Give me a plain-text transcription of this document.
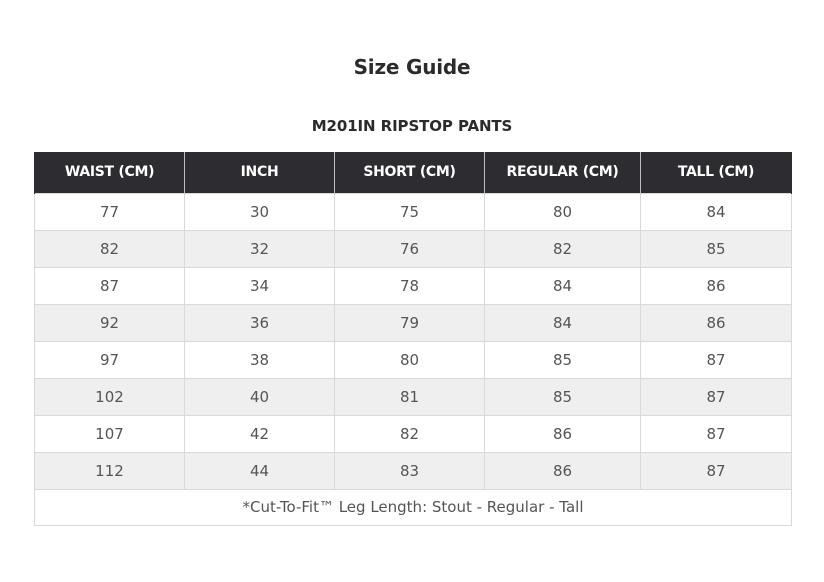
Size Guide
M201IN RIPSTOP PANTS
WAIST (CM)	INCH	SHORT (CM)	REGULAR (CM)	TALL (CM)
77	30	75	80	84
82	32	76	82	85
87	34	78	84	86
92	36	79	84	86
97	38	80	85	87
102	40	81	85	87
107	42	82	86	87
112	44	83	86	87
*Cut-To-Fit™ Leg Length: Stout - Regular - Tall				
